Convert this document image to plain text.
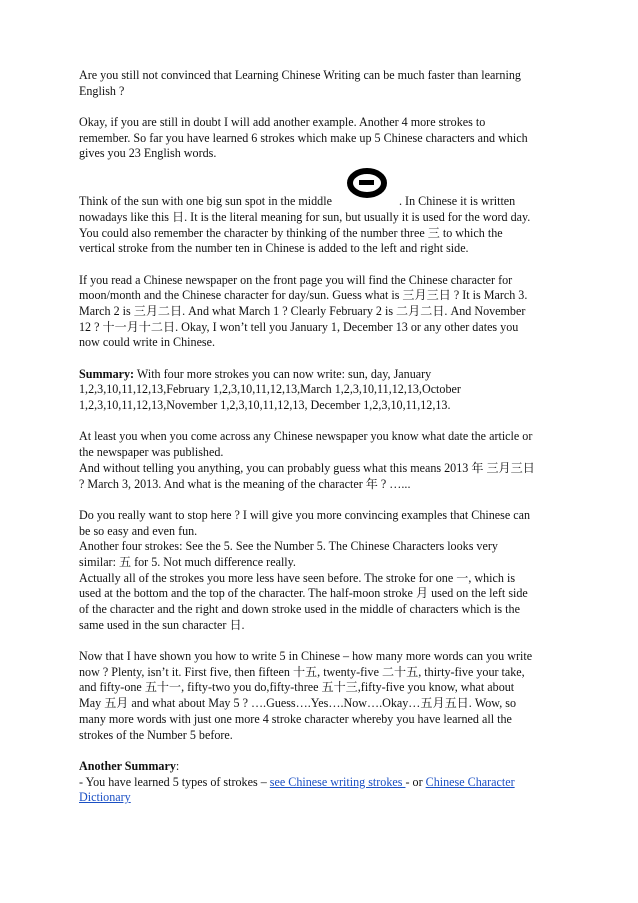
Are you still not convinced that Learning Chinese Writing can be much faster than learning
English ?
Okay, if you are still in doubt I will add another example. Another 4 more strokes to
remember. So far you have learned 6 strokes which make up 5 Chinese characters and which
gives you 23 English words.
Think of the sun with one big sun spot in the middle	. In Chinese it is written
nowadays like this 日. It is the literal meaning for sun, but usually it is used for the word day.
You could also remember the character by thinking of the number three 三 to which the
vertical stroke from the number ten in Chinese is added to the left and right side.
If you read a Chinese newspaper on the front page you will find the Chinese character for
moon/month and the Chinese character for day/sun. Guess what is 三月三日 ? It is March 3.
March 2 is 三月二日. And what March 1 ? Clearly February 2 is 二月二日. And November
12 ? 十一月十二日. Okay, I won’t tell you January 1, December 13 or any other dates you
now could write in Chinese.
Summary: With four more strokes you can now write: sun, day, January
1,2,3,10,11,12,13,February 1,2,3,10,11,12,13,March 1,2,3,10,11,12,13,October
1,2,3,10,11,12,13,November 1,2,3,10,11,12,13, December 1,2,3,10,11,12,13.
At least you when you come across any Chinese newspaper you know what date the article or
the newspaper was published.
And without telling you anything, you can probably guess what this means 2013 年 三月三日
? March 3, 2013. And what is the meaning of the character 年 ? …...
Do you really want to stop here ? I will give you more convincing examples that Chinese can
be so easy and even fun.
Another four strokes: See the 5. See the Number 5. The Chinese Characters looks very
similar: 五 for 5. Not much difference really.
Actually all of the strokes you more less have seen before. The stroke for one 一, which is
used at the bottom and the top of the character. The half-moon stroke 月 used on the left side
of the character and the right and down stroke used in the middle of characters which is the
same used in the sun character 日.
Now that I have shown you how to write 5 in Chinese – how many more words can you write
now ? Plenty, isn’t it. First five, then fifteen 十五, twenty-five 二十五, thirty-five your take,
and fifty-one 五十一, fifty-two you do,fifty-three 五十三,fifty-five you know, what about
May 五月 and what about May 5 ? ….Guess….Yes….Now….Okay…五月五日. Wow, so
many more words with just one more 4 stroke character whereby you have learned all the
strokes of the Number 5 before.
Another Summary:
- You have learned 5 types of strokes – see Chinese writing strokes - or Chinese Character
Dictionary
